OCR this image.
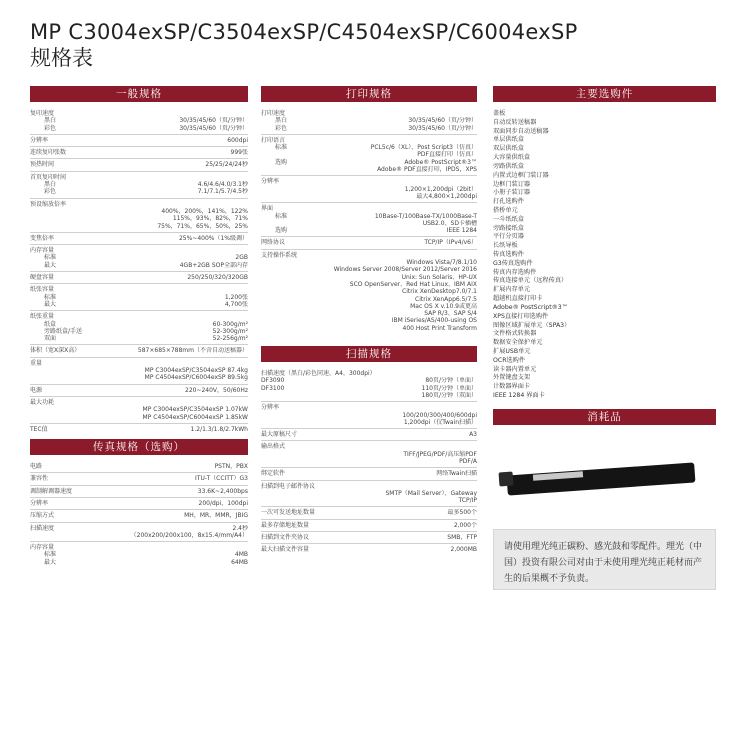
MP C3004exSP/C3504exSP/C4504exSP/C6004exSP
规格表
一般规格
复印速度
黑白	30/35/45/60（页/分钟）
彩色	30/35/45/60（页/分钟）
分辨率	600dpi
连续复印张数	999张
预热时间	25/25/24/24秒
首页复印时间
黑白	4.6/4.6/4.0/3.1秒
彩色	7.1/7.1/5.7/4.5秒
预设缩放倍率
400%，200%，141%，122%
115%，93%，82%，71%
75%，71%，65%，50%，25%
变焦倍率	25%~400%（1%级调）
内存容量
标准	2GB
最大	4GB+2GB SOP全部内存
硬盘容量	250/250/320/320GB
纸张容量
标准	1,200张
最大	4,700张
纸张重量
纸盒	60-300g/m²
旁路纸盒/手送	52-300g/m²
双面	52-256g/m²
体积（宽X深X高）	587×685×788mm（不含自动送稿器）
重量
MP C3004exSP/C3504exSP 87.4kg
MP C4504exSP/C6004exSP 89.5kg
电源	220~240V，50/60Hz
最大功耗
MP C3004exSP/C3504exSP 1.07kW
MP C4504exSP/C6004exSP 1.85kW
TEC值	1.2/1.3/1.8/2.7kWh
传真规格（选购）
电路	PSTN，PBX
兼容性	ITU-T（CCITT）G3
调制解调器速度	33.6K~2,400bps
分辨率	200/dpi，100dpi
压缩方式	MH，MR，MMR，JBIG
扫描速度	2.4秒
（200x200/200x100，8x15.4/mm/A4）
内存容量
标准	4MB
最大	64MB
打印规格
打印速度
黑白	30/35/45/60（页/分钟）
彩色	30/35/45/60（页/分钟）
打印语言
标准	PCL5c/6（XL）、Post Script3（仿真）
PDF直接打印（仿真）
选购	Adobe® PostScript®3™
Adobe® PDF直接打印，IPDS，XPS
分辨率
1,200×1,200dpi（2bit）
最大4,800×1,200dpi
界面
标准	10Base-T/100Base-TX/1000Base-T
USB2.0、SD卡插槽
选购	IEEE 1284
网络协议	TCP/IP（IPv4/v6）
支持操作系统
Windows Vista/7/8.1/10
Windows Server 2008/Server 2012/Server 2016
Unix: Sun Solaris、HP-UX
SCO OpenServer、Red Hat Linux、IBM AIX
Citrix XenDesktop7.0/7.1
Citrix XenApp6.5/7.5
Mac OS X v.10.9或更高
SAP R/3、SAP S/4
IBM iSeries/AS/400-using OS
400 Host Print Transform
扫描规格
扫描速度（黑白/彩色同速，A4，300dpi）
DF3090	80页/分钟（单面）
DF3100	110页/分钟（单面）
180页/分钟（双面）
分辨率
100/200/300/400/600dpi
1,200dpi（仅Twain扫描）
最大原稿尺寸	A3
输出格式
TIFF/JPEG/PDF/高压缩PDF
PDF/A
绑定软件	网络Twain扫描
扫描到电子邮件协议
SMTP（Mail Server）、Gateway
TCP/IP
一次可发送地址数量	最多500个
最多存储地址数量	2,000个
扫描到文件夹协议	SMB，FTP
最大扫描文件容量	2,000MB
主要选购件
盖板
自动反转送稿器
双面同步自动送稿器
单层供纸盒
双层供纸盒
大容量供纸盒
旁路供纸盒
内置式边框门装订器
边框门装订器
小册子装订器
打孔选购件
搭桥单元
一斗纸纸盒
旁路接纸盒
平行分页器
长纸导板
传真选购件
G3传真选购件
传真内存选购件
传真连接单元（远程传真）
扩展内存单元
超越机直接打印卡
Adobe® PostScript®3™
XPS直接打印选购件
图像区域扩展单元（SPA3）
文件格式转换器
数据安全保护单元
扩展USB单元
OCR选购件
读卡器内置单元
外置键盘支架
计数器界面卡
IEEE 1284 界面卡
消耗品
请使用理光纯正碳粉、感光鼓和零配件。理光（中国）投资有限公司对由于未使用理光纯正耗材而产生的后果概不予负责。
